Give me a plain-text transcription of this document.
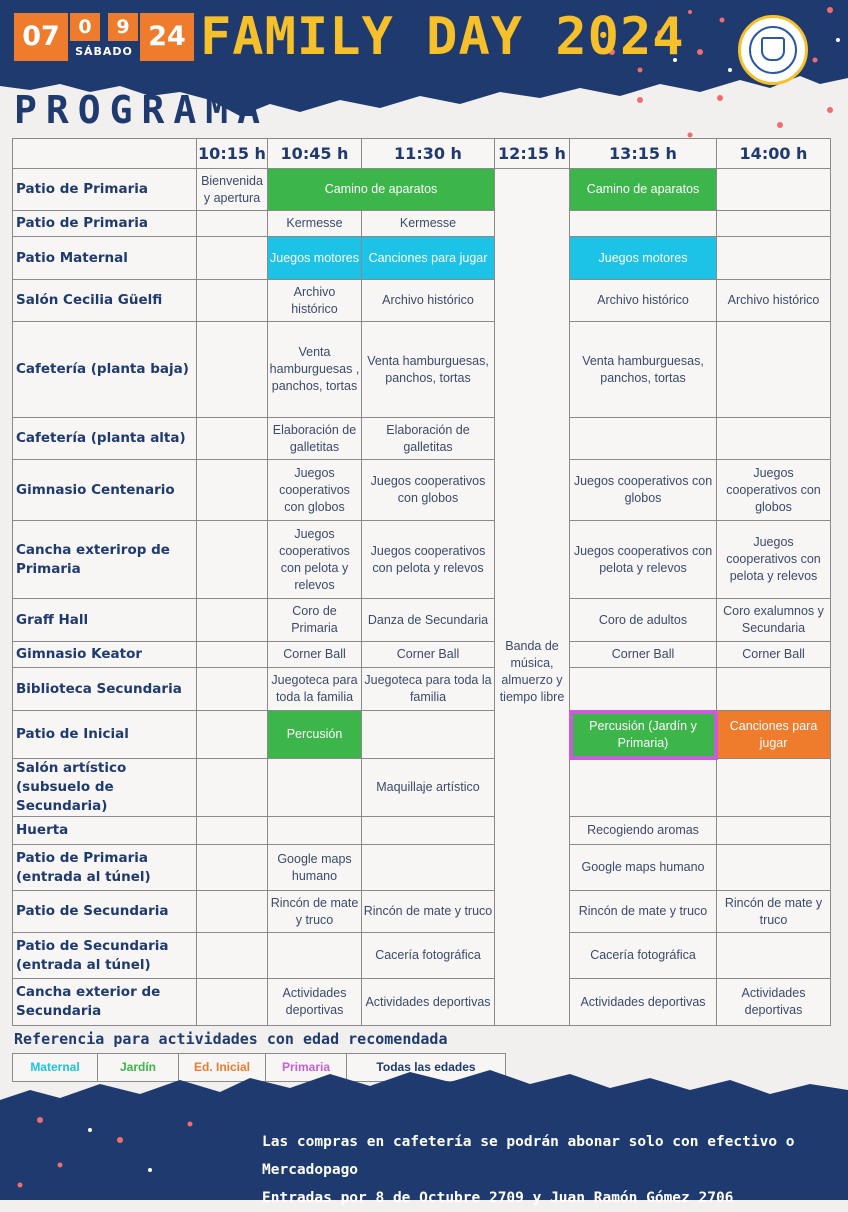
07 0	9
SÁBADO 24 FAMILY DAY 2024
PROGRAMA
	10:15 h	10:45 h	11:30 h	12:15 h	13:15 h	14:00 h
Patio de Primaria	Bienvenida y apertura	Camino de aparatos		Banda de música, almuerzo y tiempo libre	Camino de aparatos	
Patio de Primaria		Kermesse	Kermesse			
Patio Maternal		Juegos motores	Canciones para jugar		Juegos motores	
Salón Cecilia Güelfi		Archivo histórico	Archivo histórico		Archivo histórico	Archivo histórico
Cafetería (planta baja)		Venta hamburguesas , panchos, tortas	Venta hamburguesas, panchos, tortas		Venta hamburguesas, panchos, tortas	
Cafetería (planta alta)		Elaboración de galletitas	Elaboración de galletitas			
Gimnasio Centenario		Juegos cooperativos con globos	Juegos cooperativos con globos		Juegos cooperativos con globos	Juegos cooperativos con globos
Cancha exterirор de Primaria		Juegos cooperativos con pelota y relevos	Juegos cooperativos con pelota y relevos		Juegos cooperativos con pelota y relevos	Juegos cooperativos con pelota y relevos
Graff Hall		Coro de Primaria	Danza de Secundaria		Coro de adultos	Coro exalumnos y Secundaria
Gimnasio Keator		Corner Ball	Corner Ball		Corner Ball	Corner Ball
Biblioteca Secundaria		Juegoteca para toda la familia	Juegoteca para toda la familia			
Patio de Inicial		Percusión			Percusión (Jardín y Primaria)	Canciones para jugar
Salón artístico (subsuelo de Secundaria)			Maquillaje artístico			
Huerta					Recogiendo aromas	
Patio de Primaria (entrada al túnel)		Google maps humano			Google maps humano	
Patio de Secundaria		Rincón de mate y truco	Rincón de mate y truco		Rincón de mate y truco	Rincón de mate y truco
Patio de Secundaria (entrada al túnel)			Cacería fotográfica		Cacería fotográfica	
Cancha exterior de Secundaria		Actividades deportivas	Actividades deportivas		Actividades deportivas	Actividades deportivas
Referencia para actividades con edad recomendada
Maternal	Jardín	Ed. Inicial	Primaria	Todas las edades
Las compras en cafetería se podrán abonar solo con efectivo o Mercadopago
Entradas por 8 de Octubre 2709 y Juan Ramón Gómez 2706
